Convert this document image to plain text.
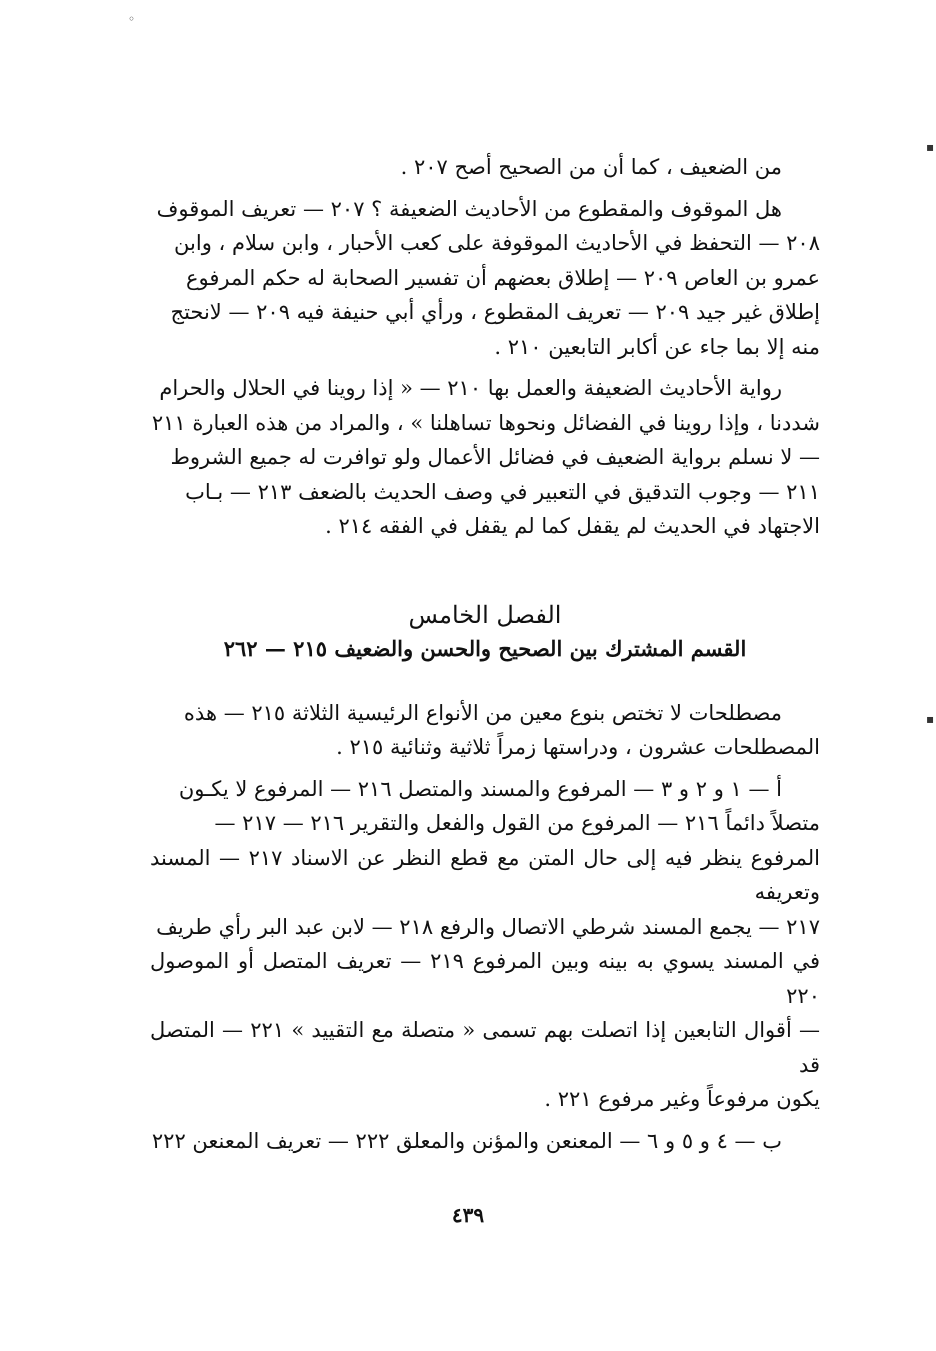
◦
▪
▪

من الضعيف ، كما أن من الصحيح أصح ٢٠٧ .

هل الموقوف والمقطوع من الأحاديث الضعيفة ؟ ٢٠٧ — تعريف الموقوف
٢٠٨ — التحفظ في الأحاديث الموقوفة على كعب الأحبار ، وابن سلام ، وابن
عمرو بن العاص ٢٠٩ — إطلاق بعضهم أن تفسير الصحابة له حكم المرفوع
إطلاق غير جيد ٢٠٩ — تعريف المقطوع ، ورأي أبي حنيفة فيه ٢٠٩ — لانحتج
منه إلا بما جاء عن أكابر التابعين ٢١٠ .

رواية الأحاديث الضعيفة والعمل بها ٢١٠ — « إذا روينا في الحلال والحرام
شددنا ، وإذا روينا في الفضائل ونحوها تساهلنا » ، والمراد من هذه العبارة ٢١١
— لا نسلم برواية الضعيف في فضائل الأعمال ولو توافرت له جميع الشروط
٢١١ — وجوب التدقيق في التعبير في وصف الحديث بالضعف ٢١٣ — بـاب
الاجتهاد في الحديث لم يقفل كما لم يقفل في الفقه ٢١٤ .

الفصل الخامس
القسم المشترك بين الصحيح والحسن والضعيف ٢١٥ — ٢٦٢

مصطلحات لا تختص بنوع معين من الأنواع الرئيسية الثلاثة ٢١٥ — هذه
المصطلحات عشرون ، ودراستها زمراً ثلاثية وثنائية ٢١٥ .

أ — ١ و ٢ و ٣ — المرفوع والمسند والمتصل ٢١٦ — المرفوع لا يكـون
متصلاً دائماً ٢١٦ — المرفوع من القول والفعل والتقرير ٢١٦ — ٢١٧ —
المرفوع ينظر فيه إلى حال المتن مع قطع النظر عن الاسناد ٢١٧ — المسند وتعريفه
٢١٧ — يجمع المسند شرطي الاتصال والرفع ٢١٨ — لابن عبد البر رأي طريف
في المسند يسوي به بينه وبين المرفوع ٢١٩ — تعريف المتصل أو الموصول ٢٢٠
— أقوال التابعين إذا اتصلت بهم تسمى « متصلة مع التقييد » ٢٢١ — المتصل قد
يكون مرفوعاً وغير مرفوع ٢٢١ .

ب — ٤ و ٥ و ٦ — المعنعن والمؤنن والمعلق ٢٢٢ — تعريف المعنعن ٢٢٢

٤٣٩
